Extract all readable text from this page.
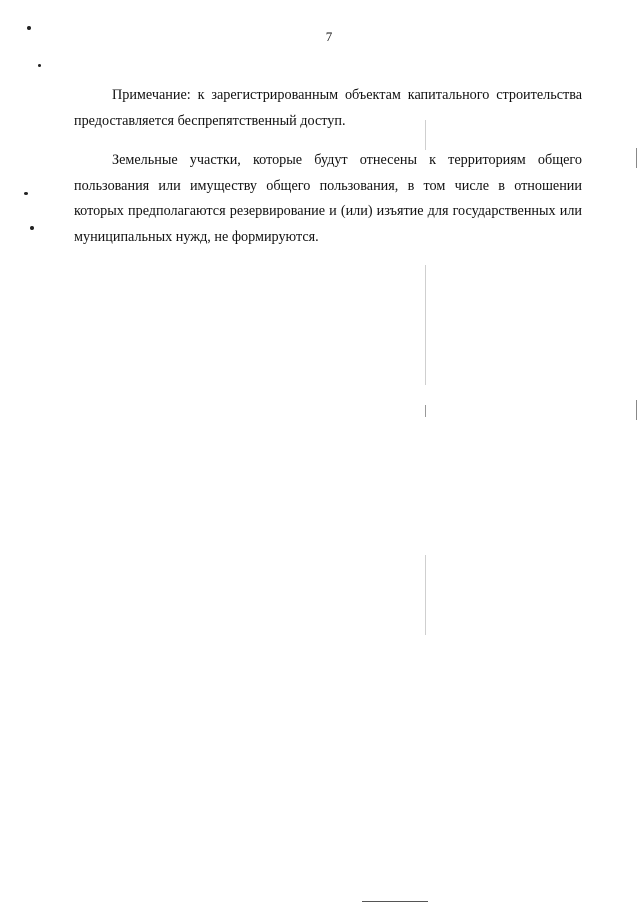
7

Примечание: к зарегистрированным объектам капитального строительства предоставляется беспрепятственный доступ.

Земельные участки, которые будут отнесены к территориям общего пользования или имуществу общего пользования, в том числе в отношении которых предполагаются резервирование и (или) изъятие для государственных или муниципальных нужд, не формируются.
